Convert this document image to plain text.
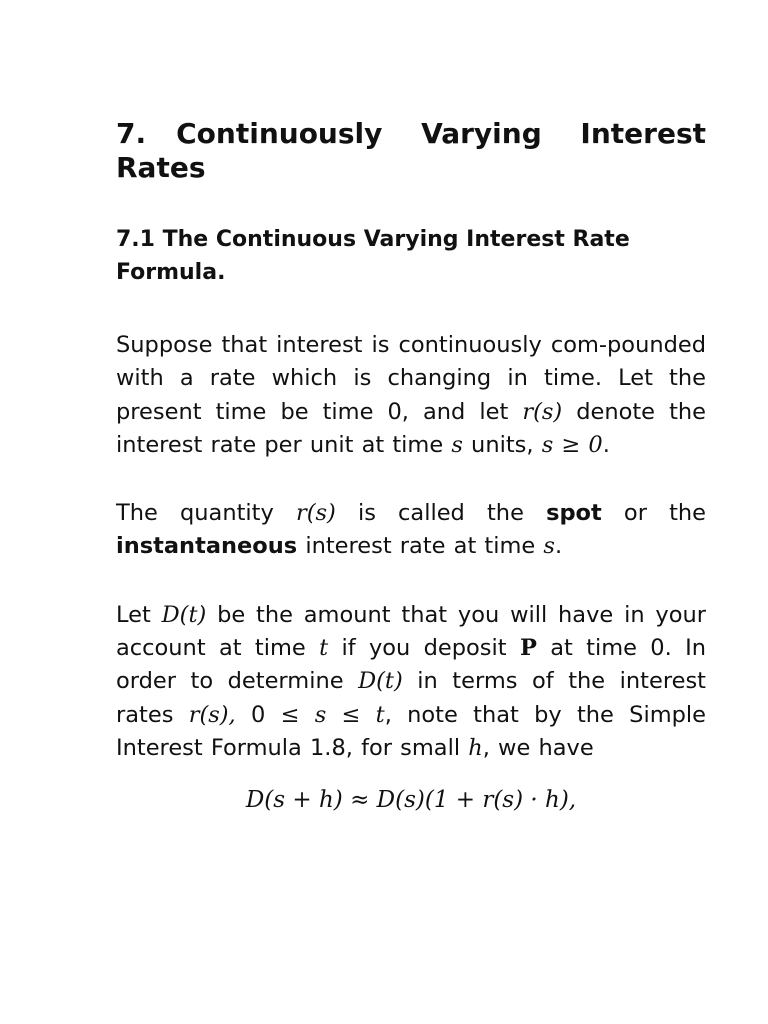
7. Continuously Varying Interest Rates
7.1 The Continuous Varying Interest Rate Formula.

Suppose that interest is continuously com-pounded with a rate which is changing in time. Let the present time be time 0, and let r(s) denote the interest rate per unit at time s units, s ≥ 0.

The quantity r(s) is called the spot or the instantaneous interest rate at time s.

Let D(t) be the amount that you will have in your account at time t if you deposit P at time 0. In order to determine D(t) in terms of the interest rates r(s), 0 ≤ s ≤ t, note that by the Simple Interest Formula 1.8, for small h, we have

D(s + h) ≈ D(s)(1 + r(s) · h),
